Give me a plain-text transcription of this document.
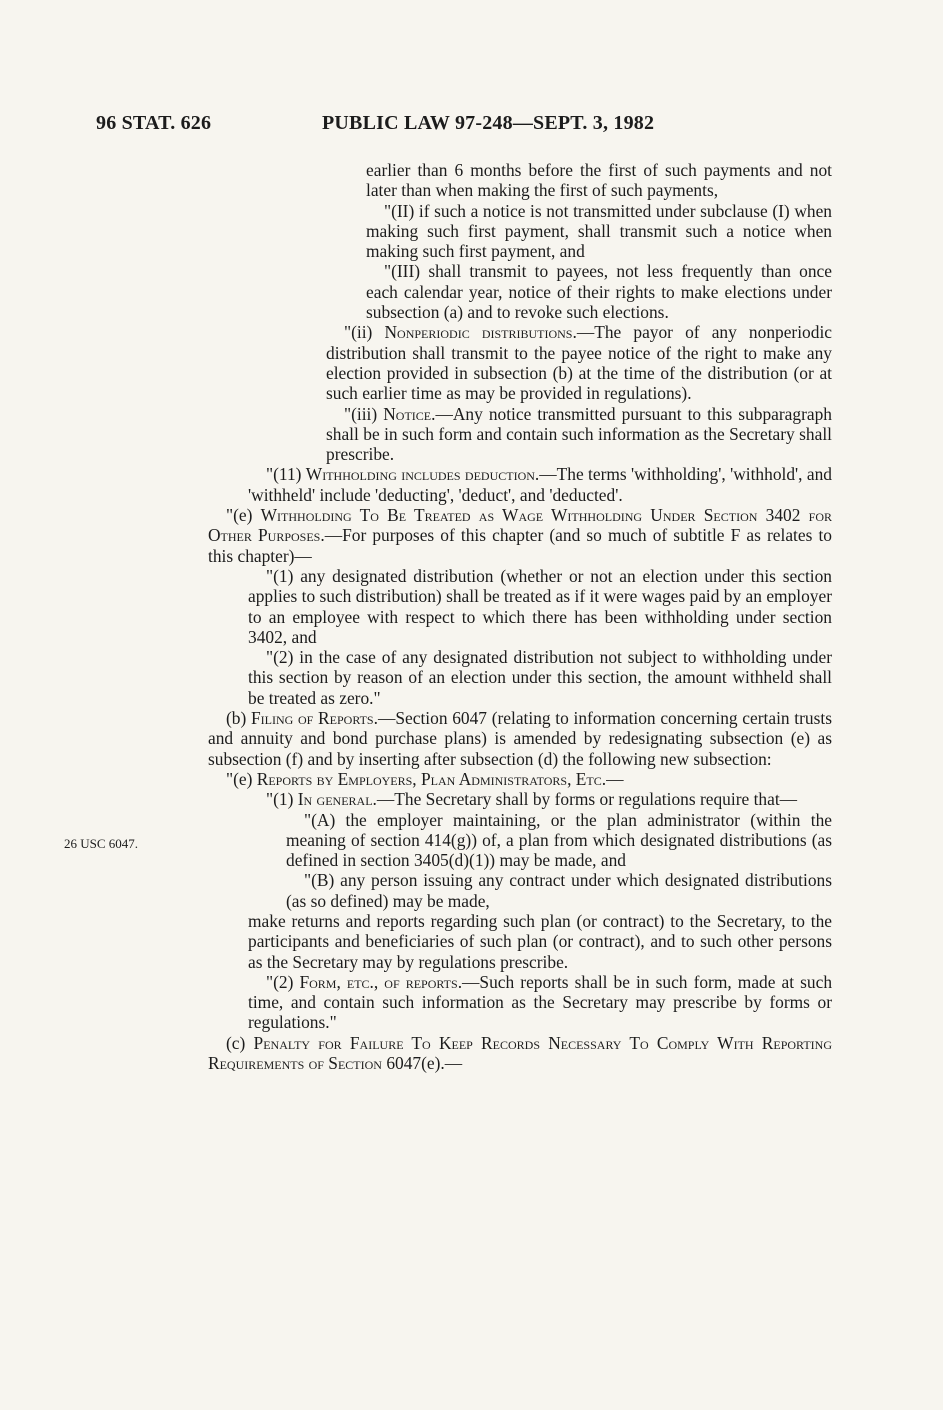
96 STAT. 626	PUBLIC LAW 97-248—SEPT. 3, 1982
26 USC 6047.

earlier than 6 months before the first of such payments and not later than when making the first of such payments,

"(II) if such a notice is not transmitted under subclause (I) when making such first payment, shall transmit such a notice when making such first payment, and

"(III) shall transmit to payees, not less frequently than once each calendar year, notice of their rights to make elections under subsection (a) and to revoke such elections.

"(ii) Nonperiodic distributions.—The payor of any nonperiodic distribution shall transmit to the payee notice of the right to make any election provided in subsection (b) at the time of the distribution (or at such earlier time as may be provided in regulations).

"(iii) Notice.—Any notice transmitted pursuant to this subparagraph shall be in such form and contain such information as the Secretary shall prescribe.

"(11) Withholding includes deduction.—The terms 'withholding', 'withhold', and 'withheld' include 'deducting', 'deduct', and 'deducted'.

"(e) Withholding To Be Treated as Wage Withholding Under Section 3402 for Other Purposes.—For purposes of this chapter (and so much of subtitle F as relates to this chapter)—

"(1) any designated distribution (whether or not an election under this section applies to such distribution) shall be treated as if it were wages paid by an employer to an employee with respect to which there has been withholding under section 3402, and

"(2) in the case of any designated distribution not subject to withholding under this section by reason of an election under this section, the amount withheld shall be treated as zero."

(b) Filing of Reports.—Section 6047 (relating to information concerning certain trusts and annuity and bond purchase plans) is amended by redesignating subsection (e) as subsection (f) and by inserting after subsection (d) the following new subsection:

"(e) Reports by Employers, Plan Administrators, Etc.—

"(1) In general.—The Secretary shall by forms or regulations require that—

"(A) the employer maintaining, or the plan administrator (within the meaning of section 414(g)) of, a plan from which designated distributions (as defined in section 3405(d)(1)) may be made, and

"(B) any person issuing any contract under which designated distributions (as so defined) may be made,

make returns and reports regarding such plan (or contract) to the Secretary, to the participants and beneficiaries of such plan (or contract), and to such other persons as the Secretary may by regulations prescribe.

"(2) Form, etc., of reports.—Such reports shall be in such form, made at such time, and contain such information as the Secretary may prescribe by forms or regulations."

(c) Penalty for Failure To Keep Records Necessary To Comply With Reporting Requirements of Section 6047(e).—
